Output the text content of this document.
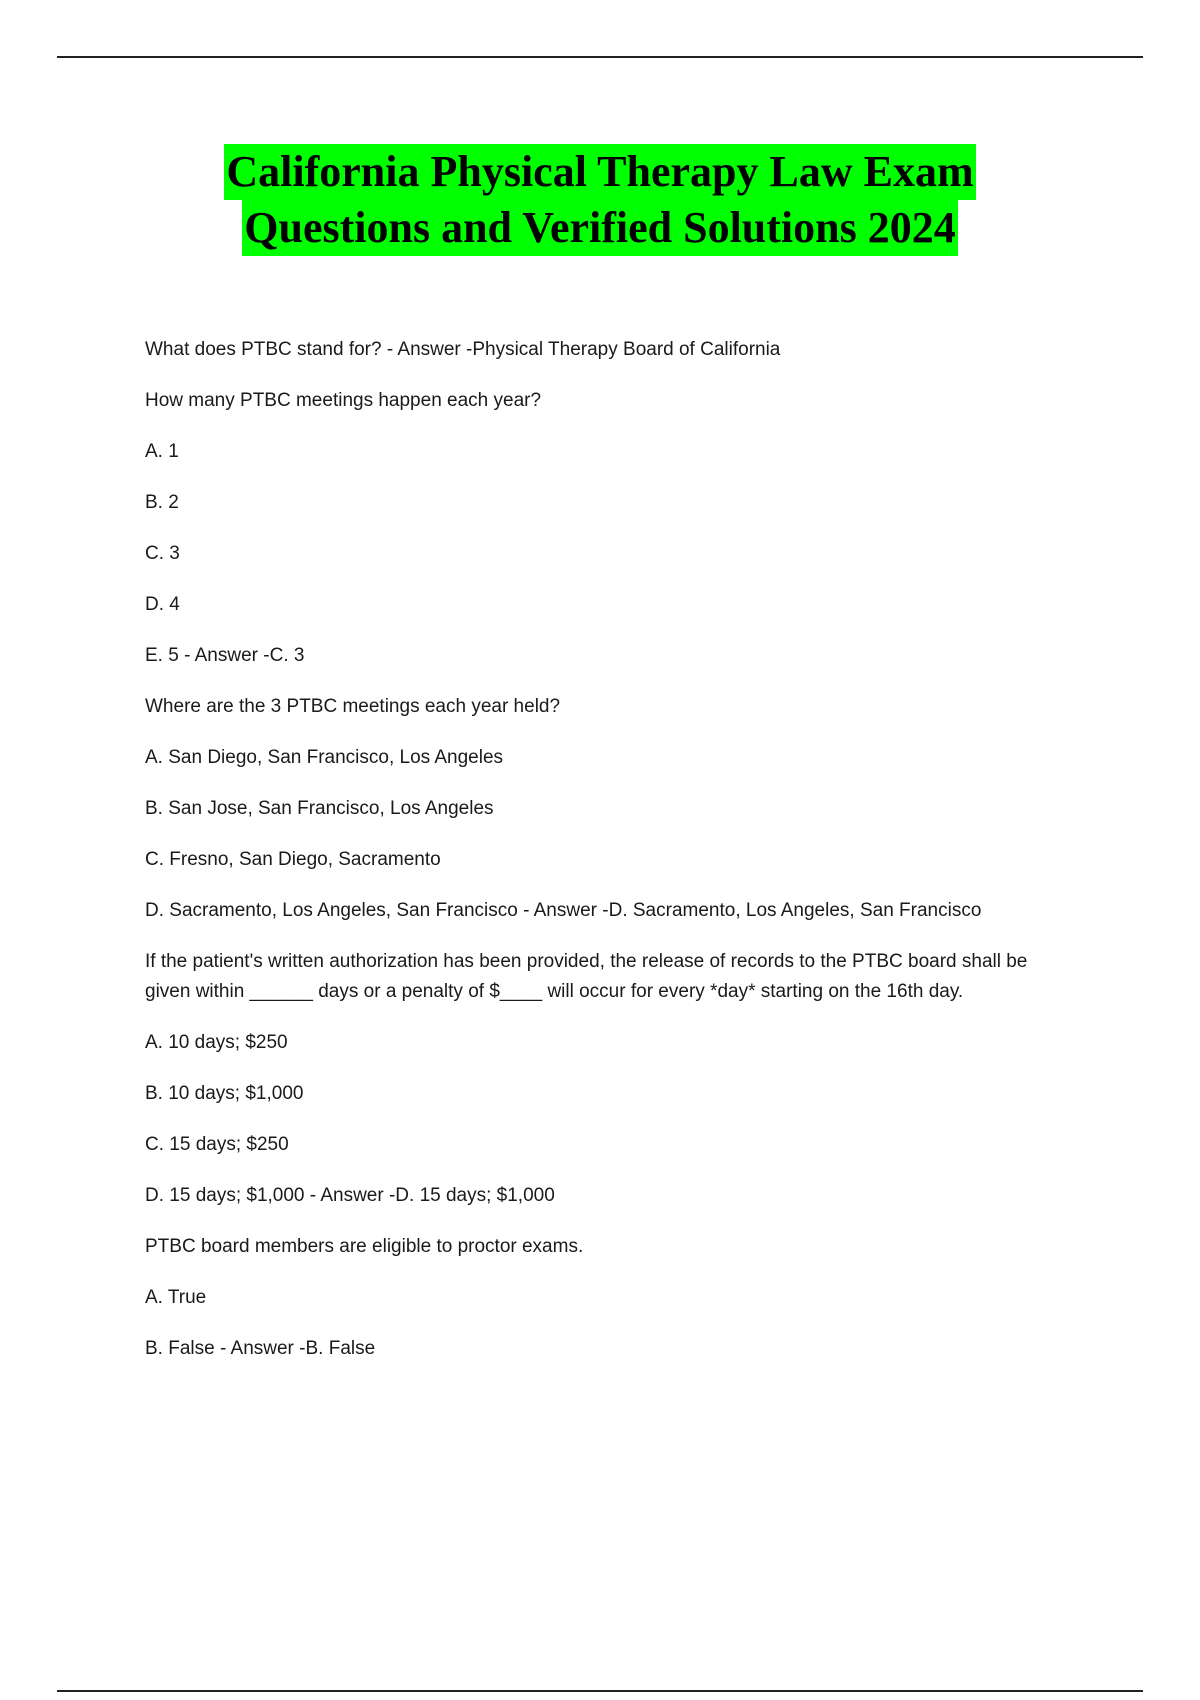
California Physical Therapy Law Exam
Questions and Verified Solutions 2024

What does PTBC stand for? - Answer -Physical Therapy Board of California

How many PTBC meetings happen each year?

A. 1

B. 2

C. 3

D. 4

E. 5 - Answer -C. 3

Where are the 3 PTBC meetings each year held?

A. San Diego, San Francisco, Los Angeles

B. San Jose, San Francisco, Los Angeles

C. Fresno, San Diego, Sacramento

D. Sacramento, Los Angeles, San Francisco - Answer -D. Sacramento, Los Angeles, San Francisco

If the patient's written authorization has been provided, the release of records to the PTBC board shall be given within ______ days or a penalty of $____ will occur for every *day* starting on the 16th day.

A. 10 days; $250

B. 10 days; $1,000

C. 15 days; $250

D. 15 days; $1,000 - Answer -D. 15 days; $1,000

PTBC board members are eligible to proctor exams.

A. True

B. False - Answer -B. False
